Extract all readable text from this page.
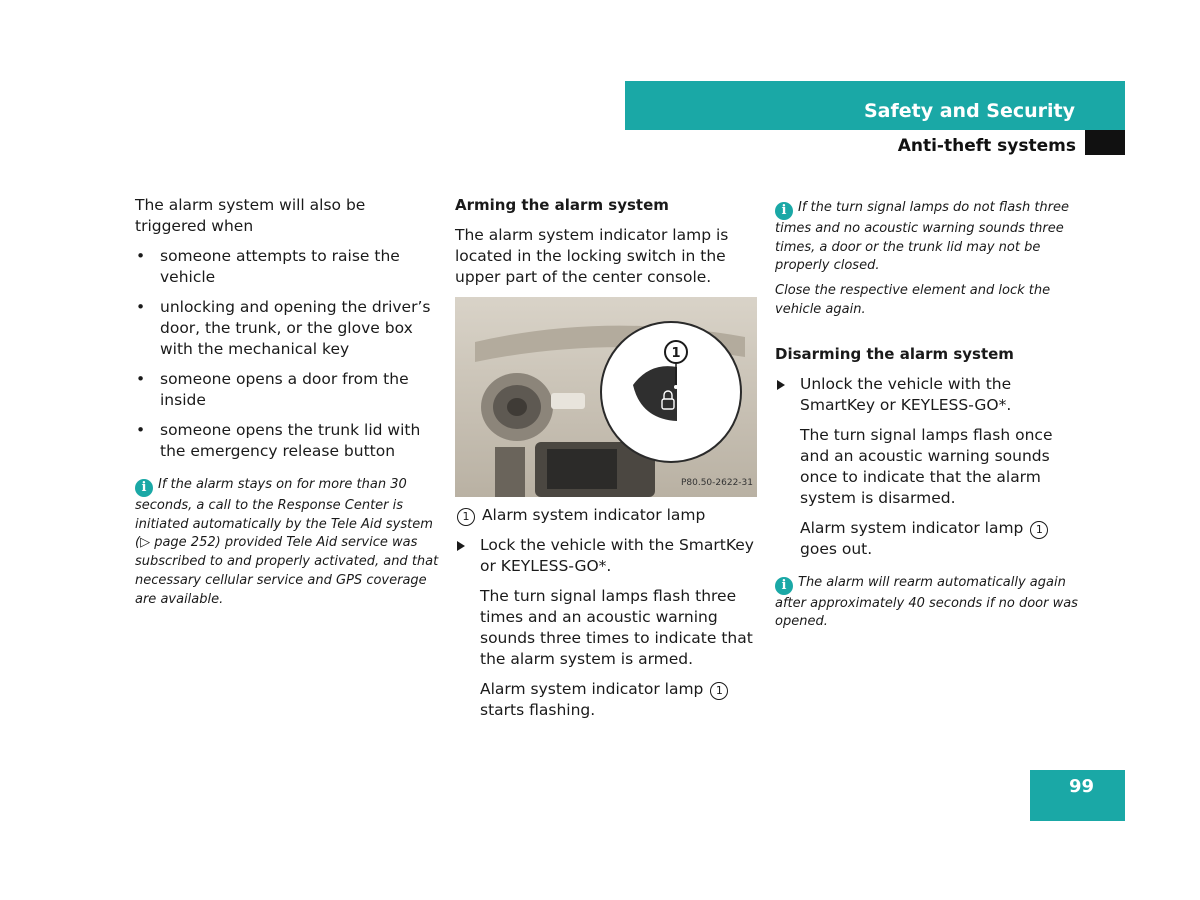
Safety and Security
Anti-theft systems

The alarm system will also be triggered when

• someone attempts to raise the vehicle
• unlocking and opening the driver’s door, the trunk, or the glove box with the mechanical key
• someone opens a door from the inside
• someone opens the trunk lid with the emergency release button
i If the alarm stays on for more than 30 seconds, a call to the Response Center is initiated automatically by the Tele Aid system (▷ page 252) provided Tele Aid service was subscribed to and properly activated, and that necessary cellular service and GPS coverage are available.

Arming the alarm system

The alarm system indicator lamp is located in the locking switch in the upper part of the center console.

1
P80.50-2622-31

1 Alarm system indicator lamp

Lock the vehicle with the SmartKey or KEYLESS-GO*.

The turn signal lamps flash three times and an acoustic warning sounds three times to indicate that the alarm system is armed.

Alarm system indicator lamp 1 starts flashing.

i If the turn signal lamps do not flash three times and no acoustic warning sounds three times, a door or the trunk lid may not be properly closed.
Close the respective element and lock the vehicle again.

Disarming the alarm system

Unlock the vehicle with the SmartKey or KEYLESS-GO*.

The turn signal lamps flash once and an acoustic warning sounds once to indicate that the alarm system is disarmed.

Alarm system indicator lamp 1 goes out.

i The alarm will rearm automatically again after approximately 40 seconds if no door was opened.
99
